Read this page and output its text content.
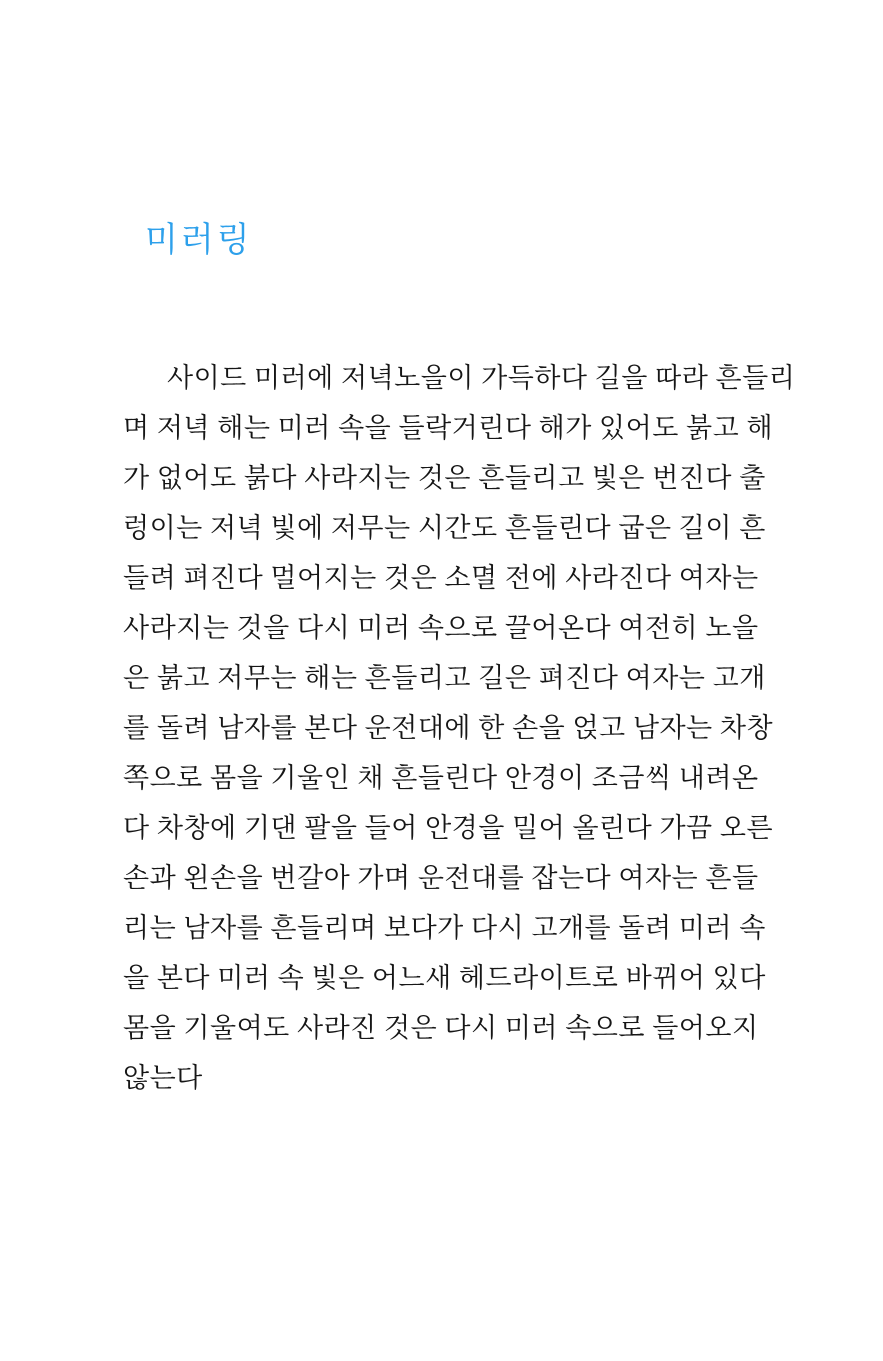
미러링
사이드 미러에 저녁노을이 가득하다 길을 따라 흔들리
며 저녁 해는 미러 속을 들락거린다 해가 있어도 붉고 해
가 없어도 붉다 사라지는 것은 흔들리고 빛은 번진다 출
렁이는 저녁 빛에 저무는 시간도 흔들린다 굽은 길이 흔
들려 펴진다 멀어지는 것은 소멸 전에 사라진다 여자는
사라지는 것을 다시 미러 속으로 끌어온다 여전히 노을
은 붉고 저무는 해는 흔들리고 길은 펴진다 여자는 고개
를 돌려 남자를 본다 운전대에 한 손을 얹고 남자는 차창
쪽으로 몸을 기울인 채 흔들린다 안경이 조금씩 내려온
다 차창에 기댄 팔을 들어 안경을 밀어 올린다 가끔 오른
손과 왼손을 번갈아 가며 운전대를 잡는다 여자는 흔들
리는 남자를 흔들리며 보다가 다시 고개를 돌려 미러 속
을 본다 미러 속 빛은 어느새 헤드라이트로 바뀌어 있다
몸을 기울여도 사라진 것은 다시 미러 속으로 들어오지
않는다
